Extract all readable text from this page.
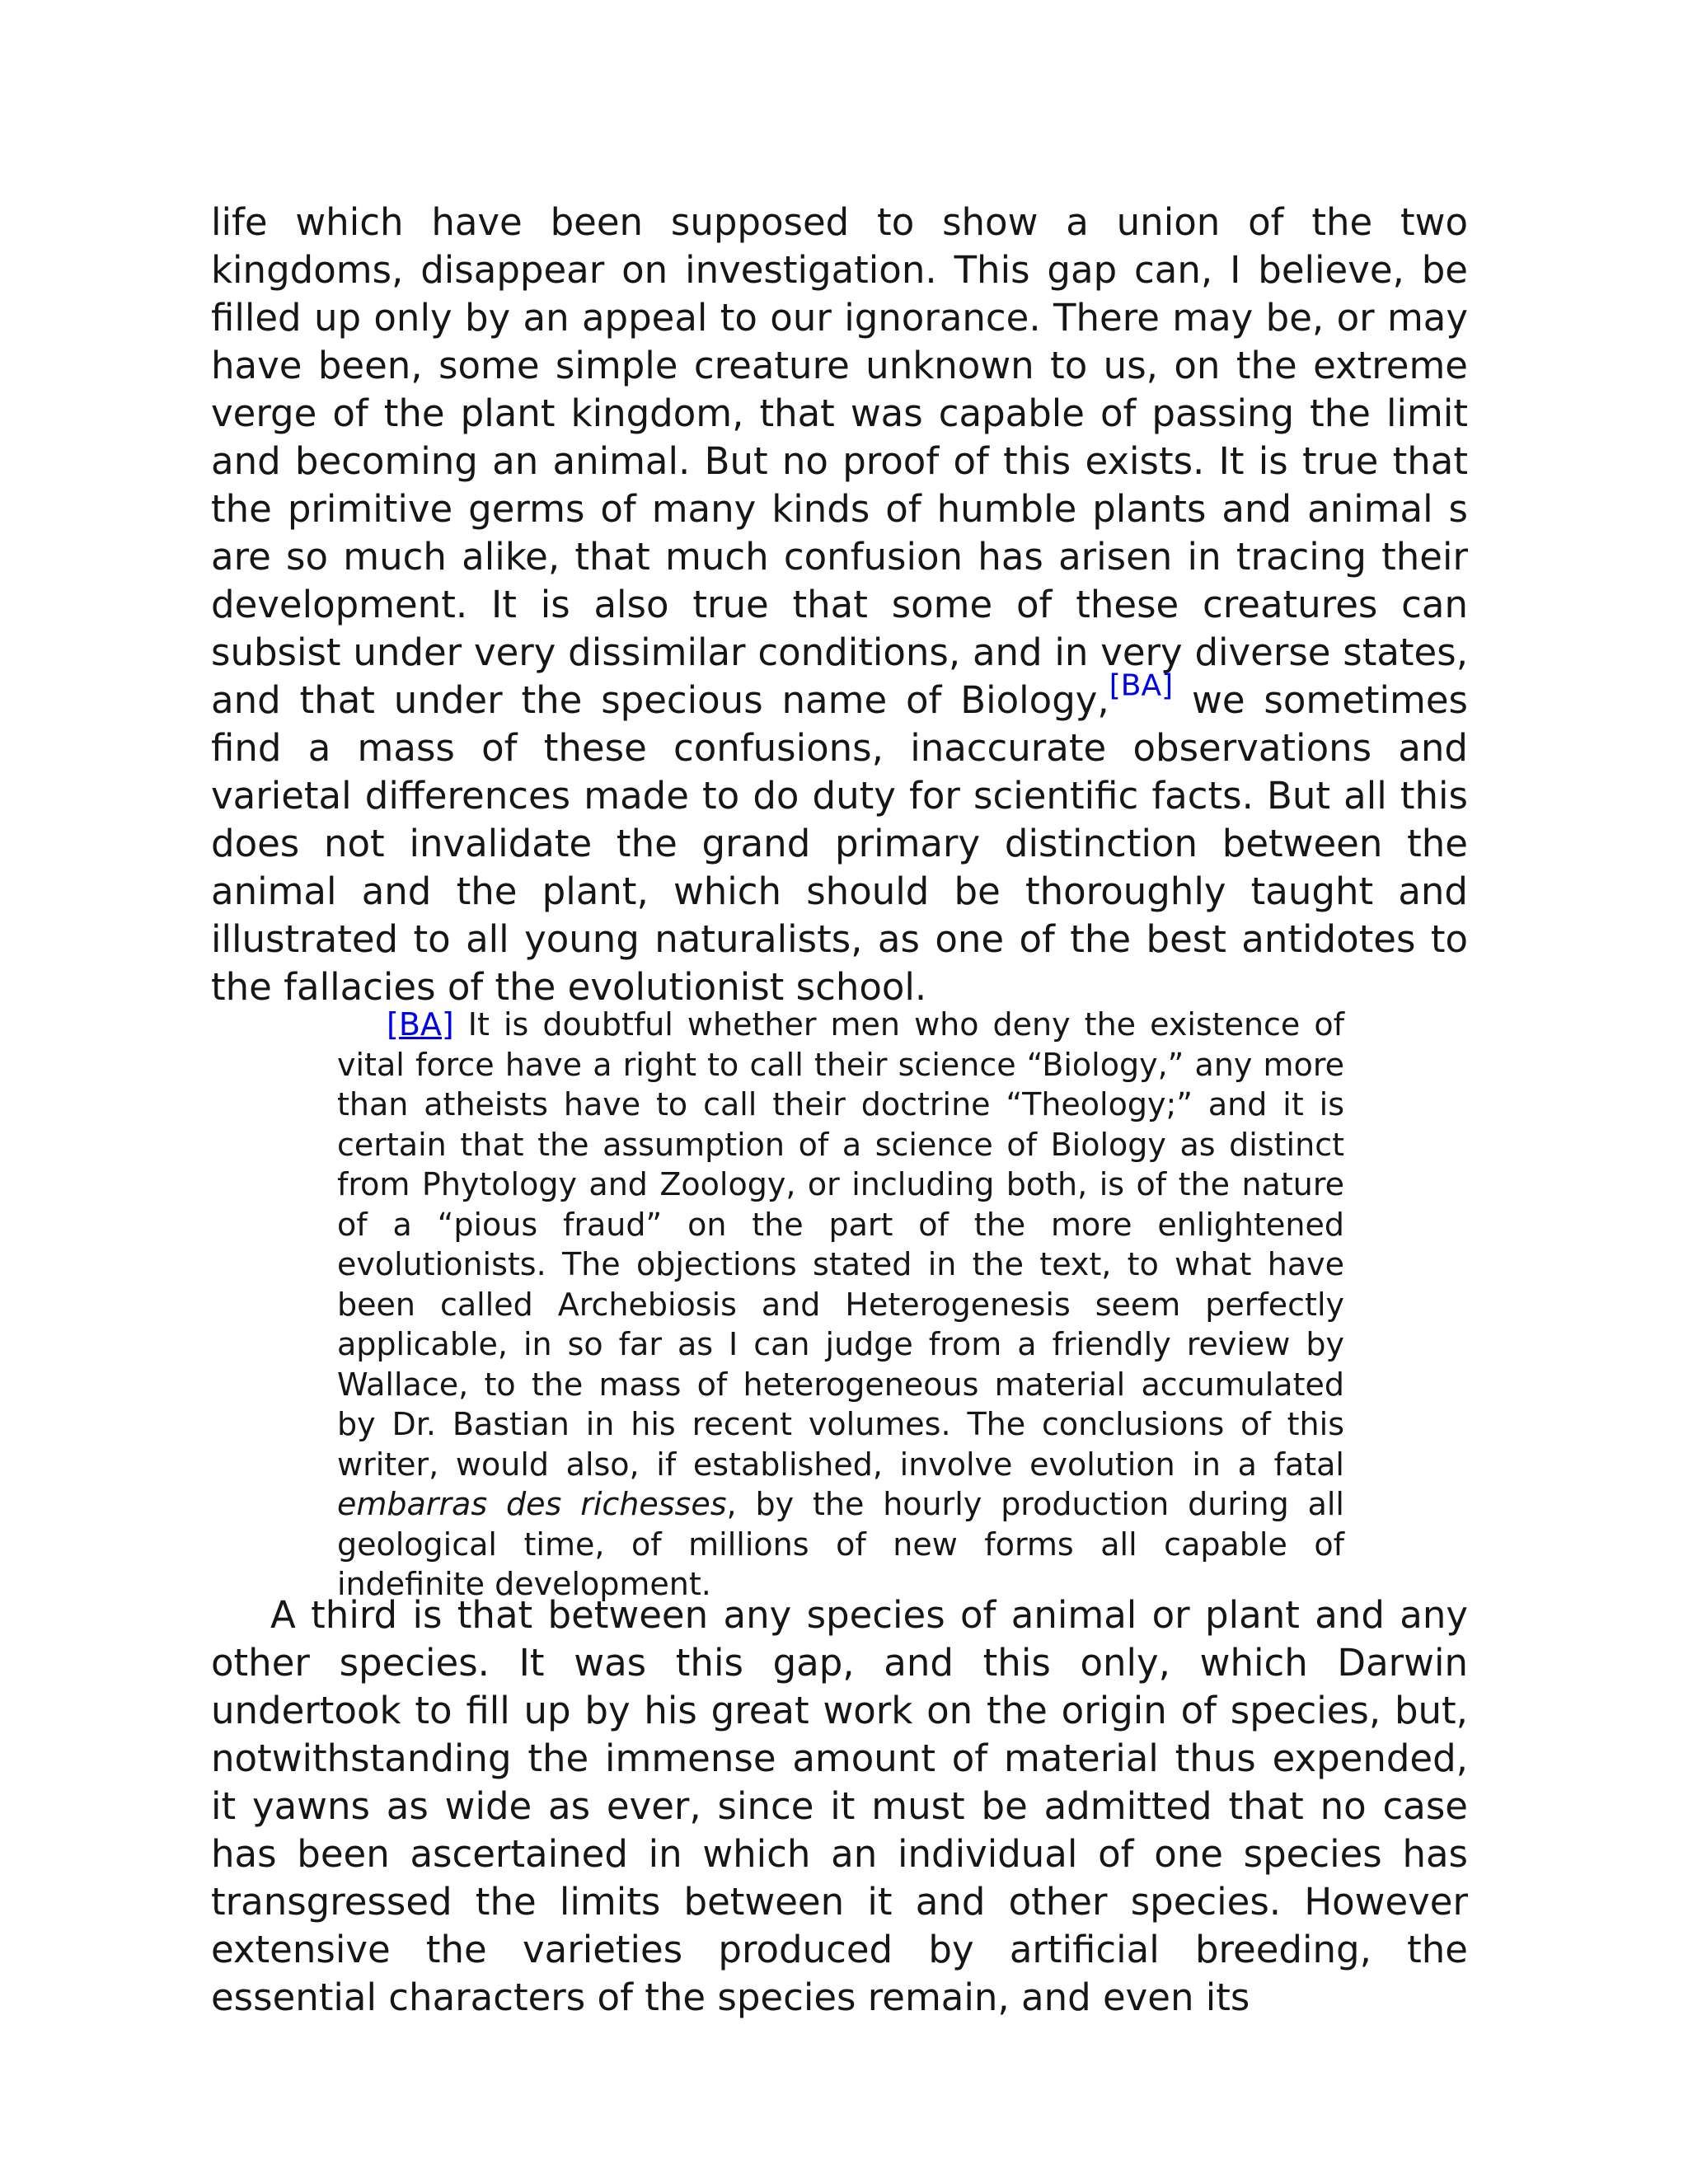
life which have been supposed to show a union of the two kingdoms, disappear on investigation. This gap can, I believe, be filled up only by an appeal to our ignorance. There may be, or may have been, some simple creature unknown to us, on the extreme verge of the plant kingdom, that was capable of passing the limit and becoming an animal. But no proof of this exists. It is true that the primitive germs of many kinds of humble plants and animal s are so much alike, that much confusion has arisen in tracing their development. It is also true that some of these creatures can subsist under very dissimilar conditions, and in very diverse states, and that under the specious name of Biology,[BA] we sometimes find a mass of these confusions, inaccurate observations and varietal differences made to do duty for scientific facts. But all this does not invalidate the grand primary distinction between the animal and the plant, which should be thoroughly taught and illustrated to all young naturalists, as one of the best antidotes to the fallacies of the evolutionist school.

[BA] It is doubtful whether men who deny the existence of vital force have a right to call their science “Biology,” any more than atheists have to call their doctrine “Theology;” and it is certain that the assumption of a science of Biology as distinct from Phytology and Zoology, or including both, is of the nature of a “pious fraud” on the part of the more enlightened evolutionists. The objections stated in the text, to what have been called Archebiosis and Heterogenesis seem perfectly applicable, in so far as I can judge from a friendly review by Wallace, to the mass of heterogeneous material accumulated by Dr. Bastian in his recent volumes. The conclusions of this writer, would also, if established, involve evolution in a fatal embarras des richesses, by the hourly production during all geological time, of millions of new forms all capable of indefinite development.

A third is that between any species of animal or plant and any other species. It was this gap, and this only, which Darwin undertook to fill up by his great work on the origin of species, but, notwithstanding the immense amount of material thus expended, it yawns as wide as ever, since it must be admitted that no case has been ascertained in which an individual of one species has transgressed the limits between it and other species. However extensive the varieties produced by artificial breeding, the essential characters of the species remain, and even its
